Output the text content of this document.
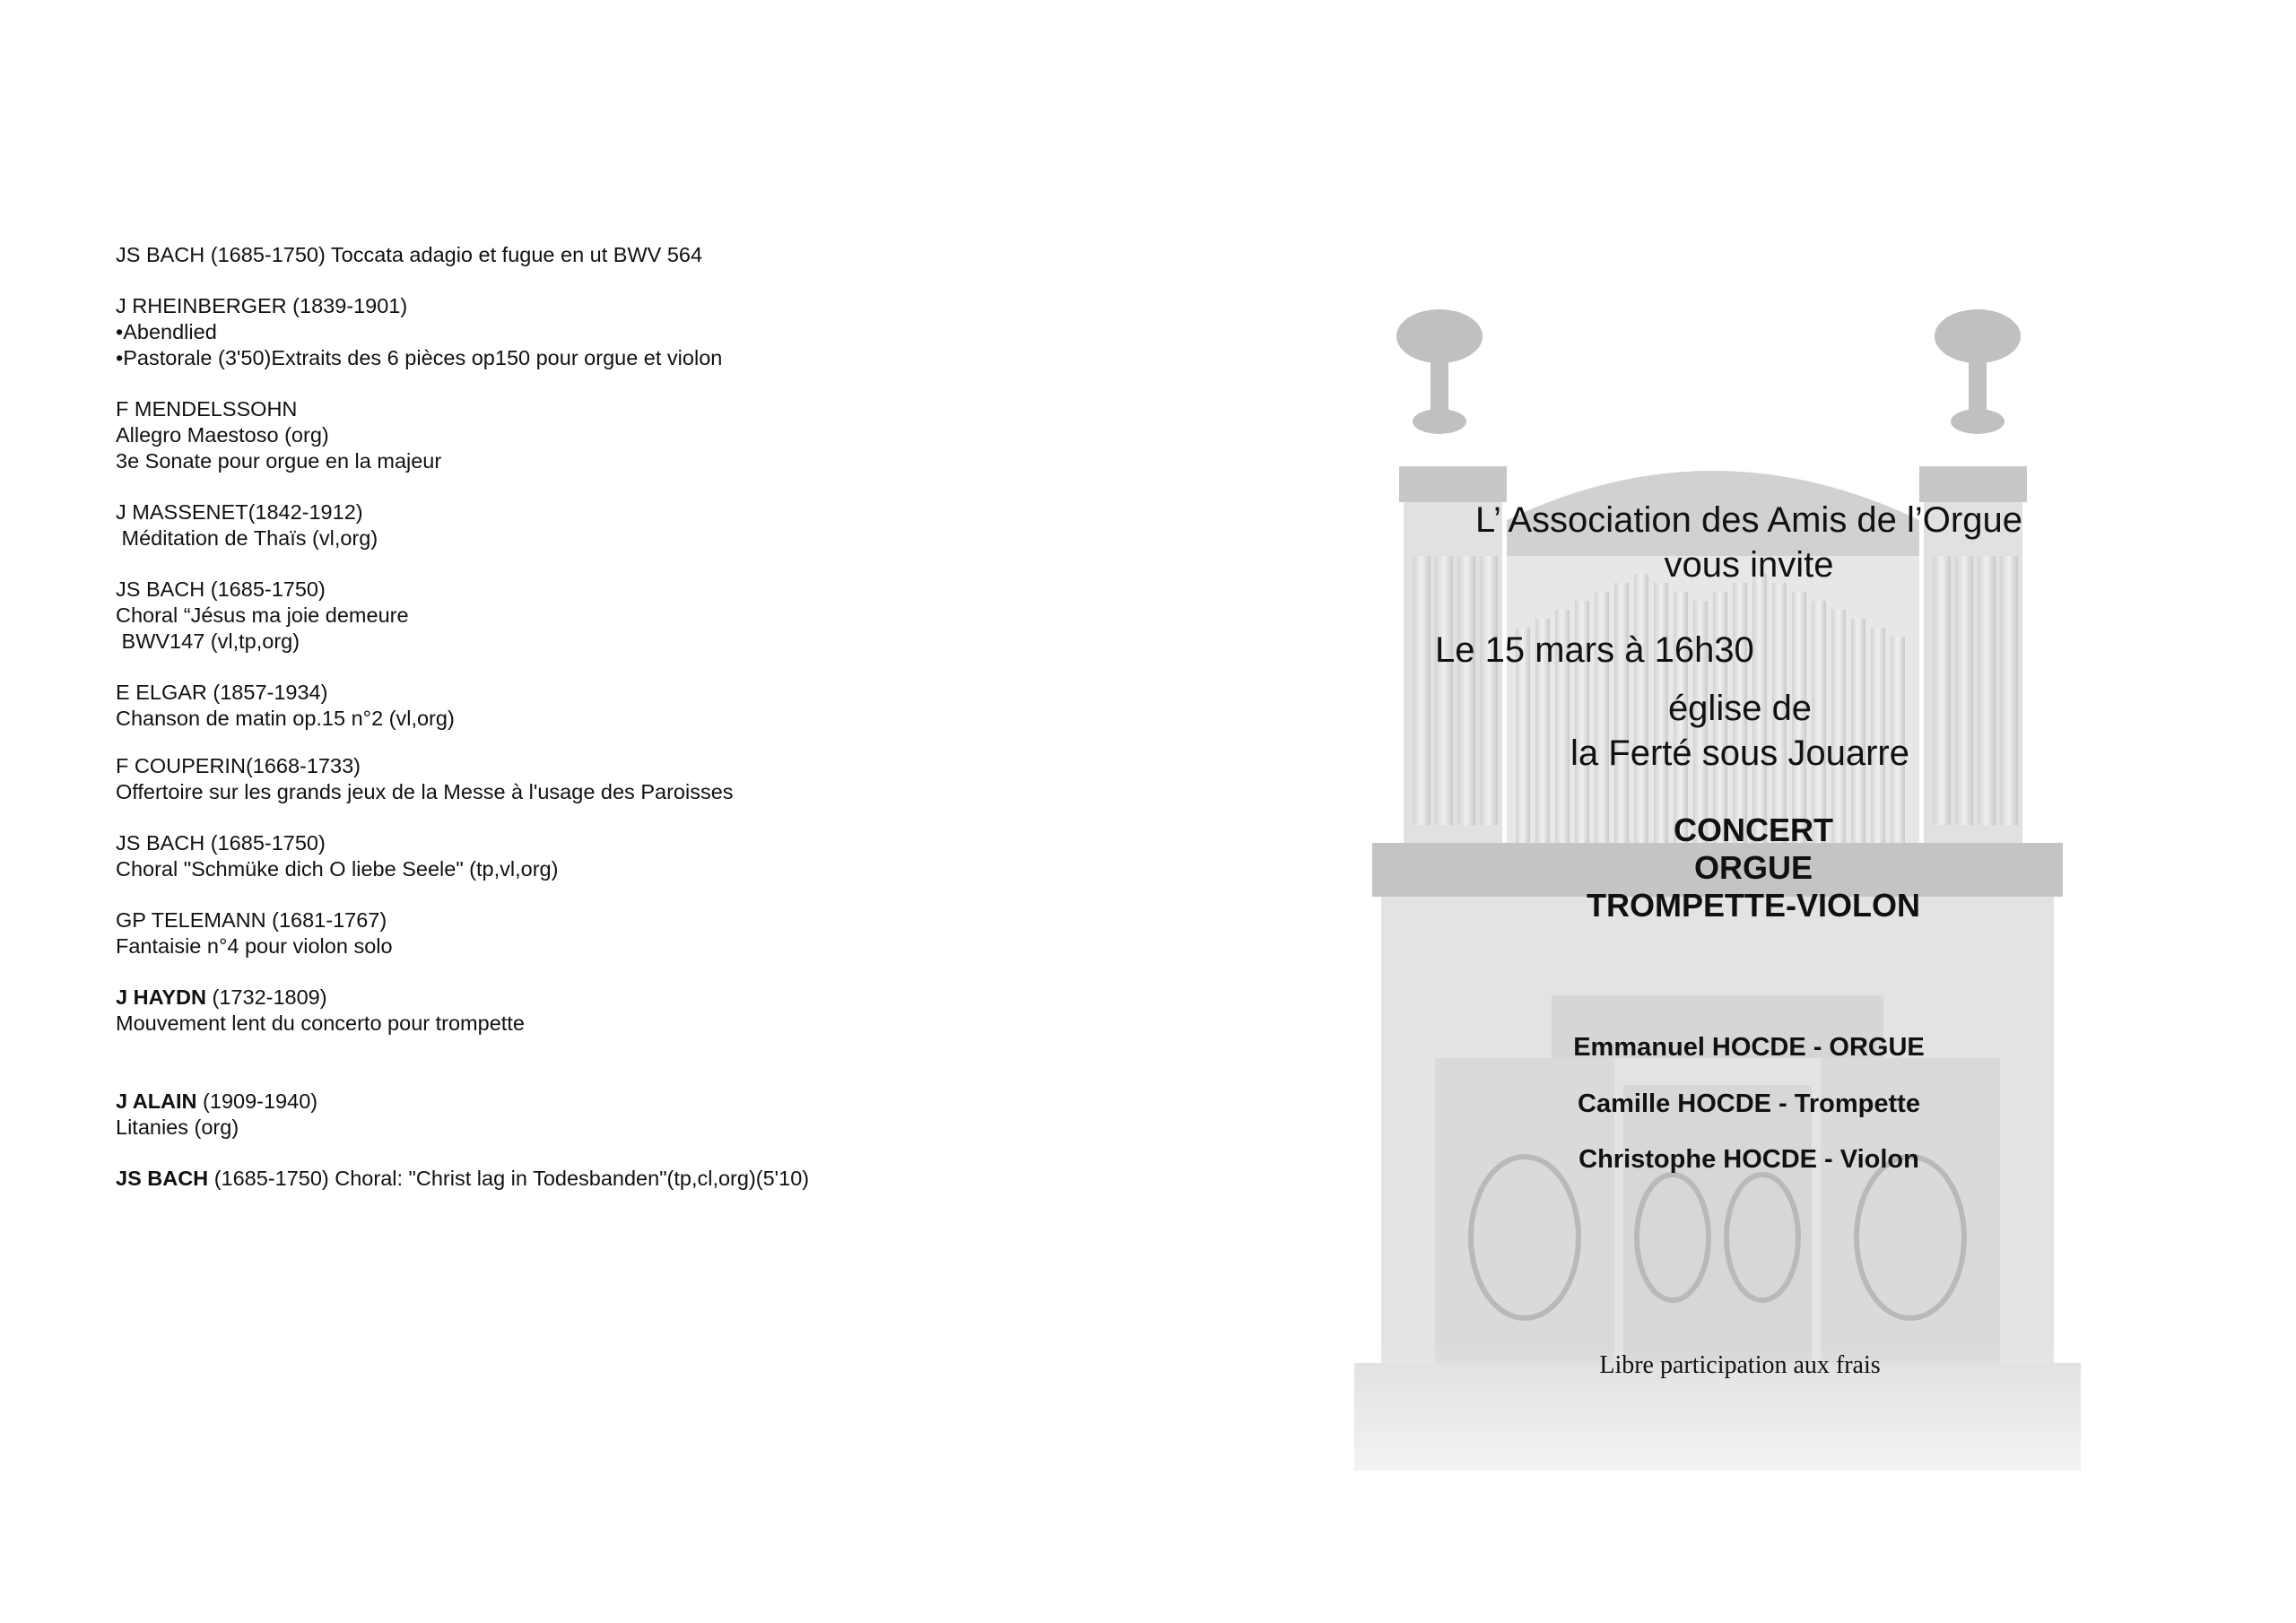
JS BACH (1685-1750) Toccata adagio et fugue en ut BWV 564
J RHEINBERGER (1839-1901)
•Abendlied
•Pastorale (3'50)Extraits des 6 pièces op150 pour orgue et violon
F MENDELSSOHN
Allegro Maestoso (org)
3e Sonate pour orgue en la majeur
J MASSENET(1842-1912)
Méditation de Thaïs (vl,org)
JS BACH (1685-1750)
Choral “Jésus ma joie demeure
BWV147 (vl,tp,org)
E ELGAR (1857-1934)
Chanson de matin op.15 n°2 (vl,org)
F COUPERIN(1668-1733)
Offertoire sur les grands jeux de la Messe à l'usage des Paroisses
JS BACH (1685-1750)
Choral "Schmüke dich O liebe Seele" (tp,vl,org)
GP TELEMANN (1681-1767)
Fantaisie n°4 pour violon solo
J HAYDN (1732-1809)
Mouvement lent du concerto pour trompette
J ALAIN (1909-1940)
Litanies (org)
JS BACH (1685-1750) Choral: "Christ lag in Todesbanden"(tp,cl,org)(5'10)
L’ Association des Amis de l’Orgue
vous invite
Le 15 mars à 16h30
église de
la Ferté sous Jouarre
CONCERT
ORGUE
TROMPETTE-VIOLON
Emmanuel HOCDE - ORGUE
Camille HOCDE - Trompette
Christophe HOCDE - Violon
Libre participation aux frais
